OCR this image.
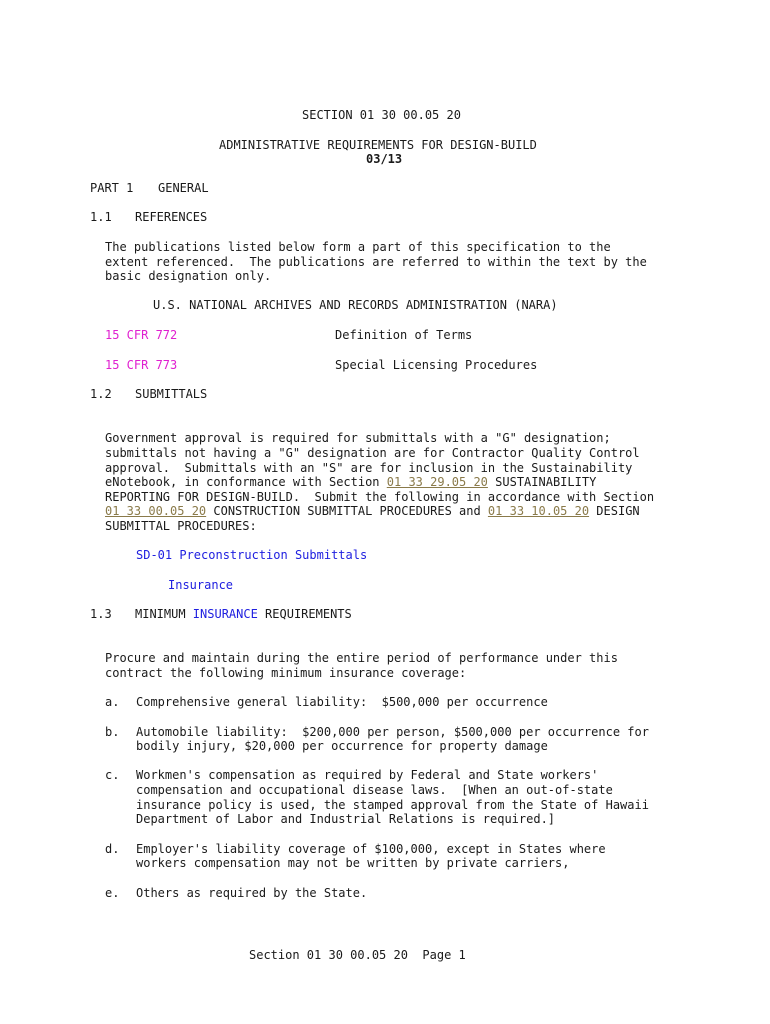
SECTION 01 30 00.05 20
ADMINISTRATIVE REQUIREMENTS FOR DESIGN-BUILD
03/13
PART 1 GENERAL
1.1 REFERENCES
The publications listed below form a part of this specification to the
extent referenced.  The publications are referred to within the text by the
basic designation only.
U.S. NATIONAL ARCHIVES AND RECORDS ADMINISTRATION (NARA)
15 CFR 772	Definition of Terms
15 CFR 773	Special Licensing Procedures
1.2 SUBMITTALS
Government approval is required for submittals with a "G" designation;
submittals not having a "G" designation are for Contractor Quality Control
approval.  Submittals with an "S" are for inclusion in the Sustainability
eNotebook, in conformance with Section 01 33 29.05 20 SUSTAINABILITY
REPORTING FOR DESIGN-BUILD.  Submit the following in accordance with Section
01 33 00.05 20 CONSTRUCTION SUBMITTAL PROCEDURES and 01 33 10.05 20 DESIGN
SUBMITTAL PROCEDURES:
SD-01 Preconstruction Submittals
Insurance
1.3 MINIMUM INSURANCE REQUIREMENTS
Procure and maintain during the entire period of performance under this
contract the following minimum insurance coverage:
a. Comprehensive general liability:  $500,000 per occurrence
b. Automobile liability:  $200,000 per person, $500,000 per occurrence for
bodily injury, $20,000 per occurrence for property damage
c. Workmen's compensation as required by Federal and State workers'
compensation and occupational disease laws.  [When an out-of-state
insurance policy is used, the stamped approval from the State of Hawaii
Department of Labor and Industrial Relations is required.]
d. Employer's liability coverage of $100,000, except in States where
workers compensation may not be written by private carriers,
e. Others as required by the State.
Section 01 30 00.05 20  Page 1
